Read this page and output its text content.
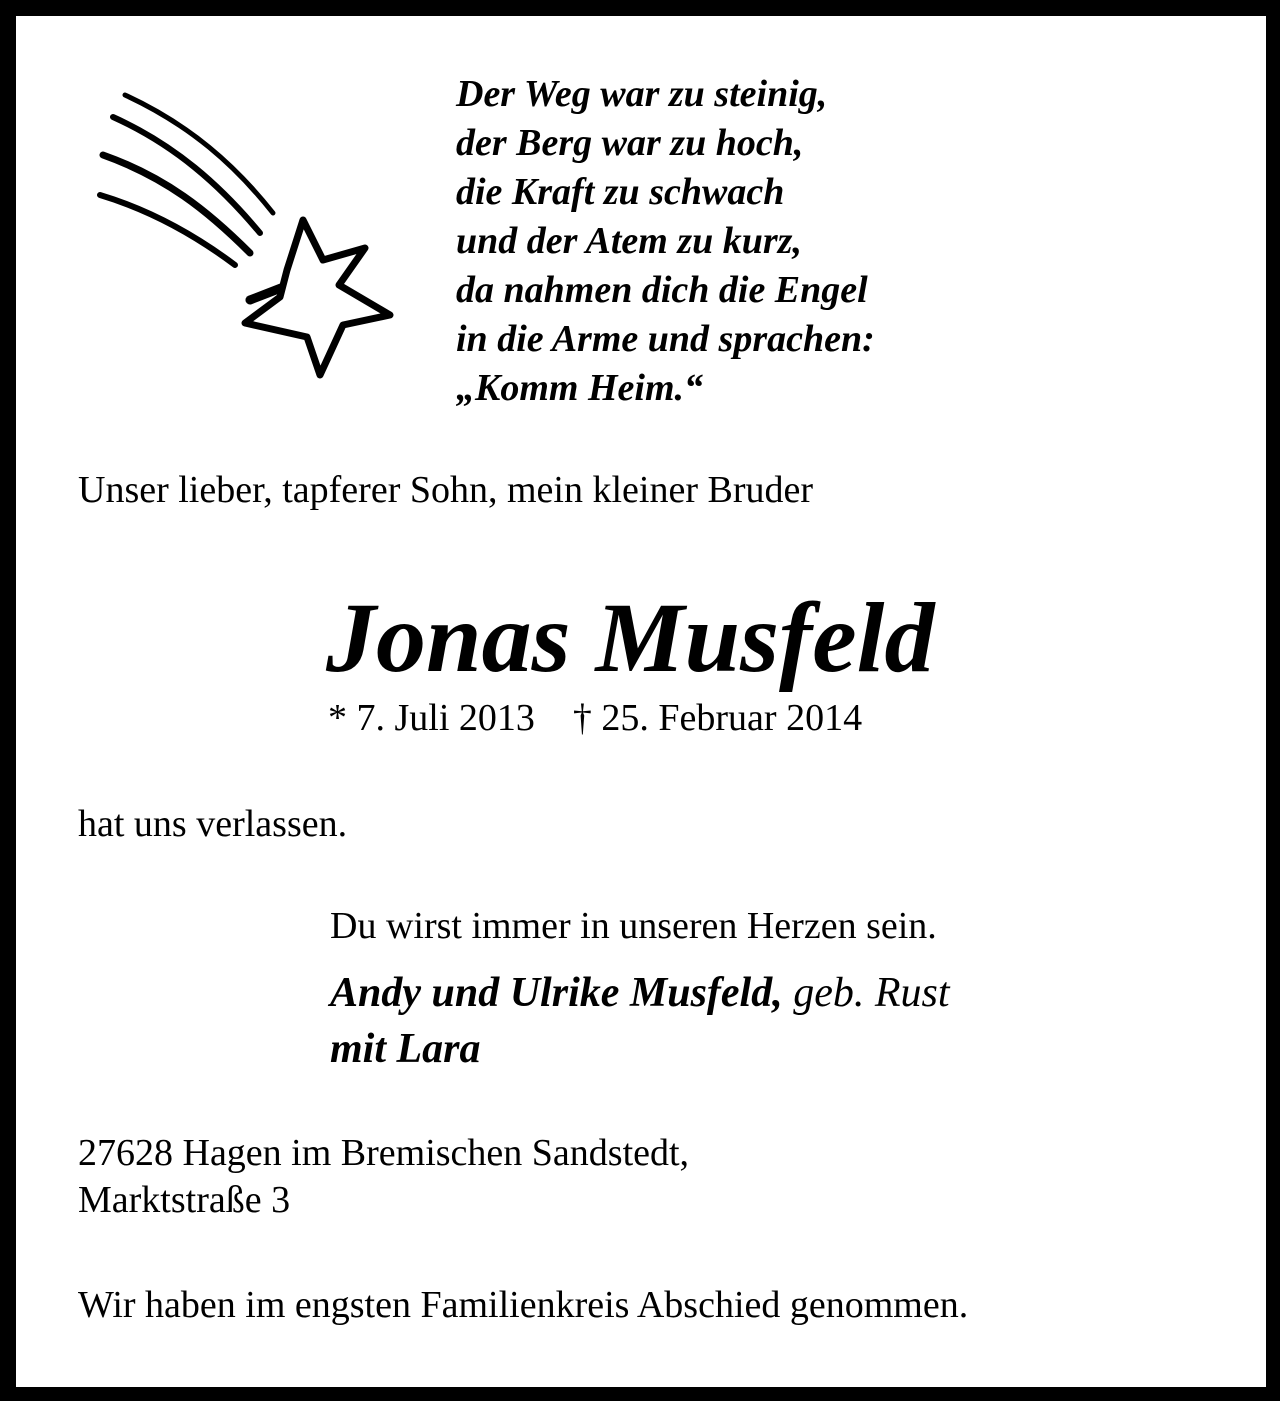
Der Weg war zu steinig,
der Berg war zu hoch,
die Kraft zu schwach
und der Atem zu kurz,
da nahmen dich die Engel
in die Arme und sprachen:
„Komm Heim.“
Unser lieber, tapferer Sohn, mein kleiner Bruder
Jonas Musfeld
* 7. Juli 2013 † 25. Februar 2014
hat uns verlassen.
Du wirst immer in unseren Herzen sein.
Andy und Ulrike Musfeld, geb. Rust
mit Lara
27628 Hagen im Bremischen Sandstedt,
Marktstraße 3
Wir haben im engsten Familienkreis Abschied genommen.
